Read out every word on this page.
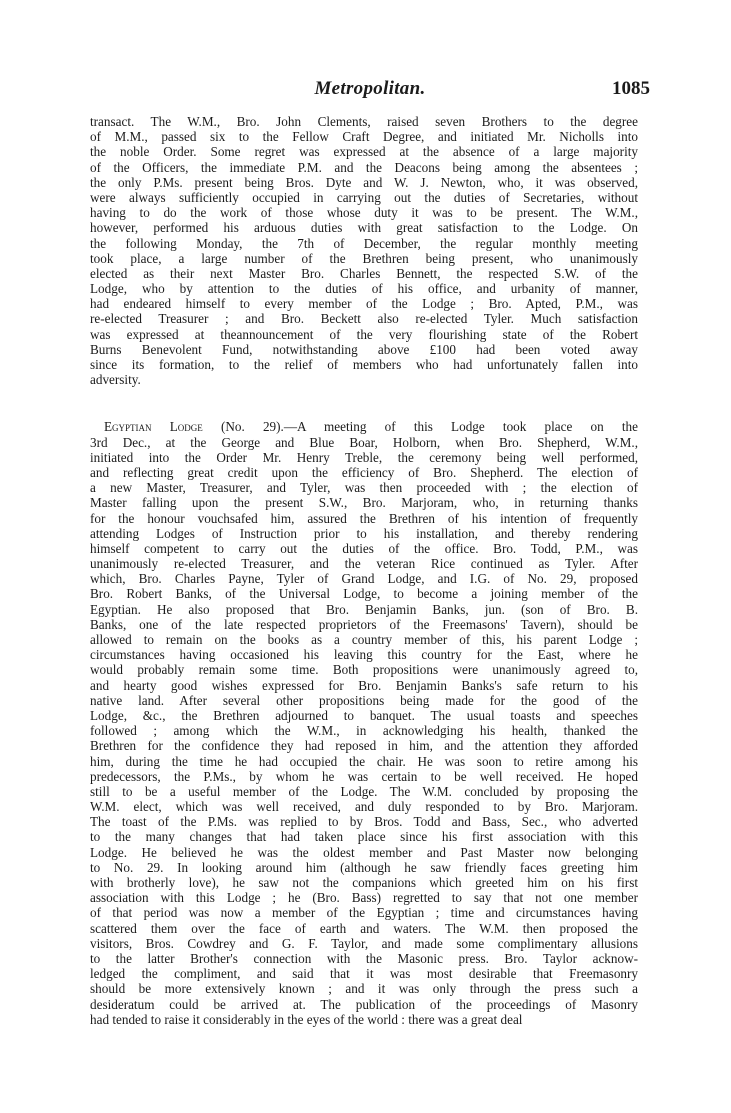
Metropolitan.	1085
transact. The W.M., Bro. John Clements, raised seven Brothers to the degree
of M.M., passed six to the Fellow Craft Degree, and initiated Mr. Nicholls into
the noble Order. Some regret was expressed at the absence of a large majority
of the Officers, the immediate P.M. and the Deacons being among the absentees ;
the only P.Ms. present being Bros. Dyte and W. J. Newton, who, it was observed,
were always sufficiently occupied in carrying out the duties of Secretaries, without
having to do the work of those whose duty it was to be present. The W.M.,
however, performed his arduous duties with great satisfaction to the Lodge. On
the following Monday, the 7th of December, the regular monthly meeting
took place, a large number of the Brethren being present, who unanimously
elected as their next Master Bro. Charles Bennett, the respected S.W. of the
Lodge, who by attention to the duties of his office, and urbanity of manner,
had endeared himself to every member of the Lodge ; Bro. Apted, P.M., was
re-elected Treasurer ; and Bro. Beckett also re-elected Tyler. Much satisfaction
was expressed at theannouncement of the very flourishing state of the Robert
Burns Benevolent Fund, notwithstanding above £100 had been voted away
since its formation, to the relief of members who had unfortunately fallen into
adversity.
Egyptian Lodge (No. 29).—A meeting of this Lodge took place on the
3rd Dec., at the George and Blue Boar, Holborn, when Bro. Shepherd, W.M.,
initiated into the Order Mr. Henry Treble, the ceremony being well performed,
and reflecting great credit upon the efficiency of Bro. Shepherd. The election of
a new Master, Treasurer, and Tyler, was then proceeded with ; the election of
Master falling upon the present S.W., Bro. Marjoram, who, in returning thanks
for the honour vouchsafed him, assured the Brethren of his intention of frequently
attending Lodges of Instruction prior to his installation, and thereby rendering
himself competent to carry out the duties of the office. Bro. Todd, P.M., was
unanimously re-elected Treasurer, and the veteran Rice continued as Tyler. After
which, Bro. Charles Payne, Tyler of Grand Lodge, and I.G. of No. 29, proposed
Bro. Robert Banks, of the Universal Lodge, to become a joining member of the
Egyptian. He also proposed that Bro. Benjamin Banks, jun. (son of Bro. B.
Banks, one of the late respected proprietors of the Freemasons' Tavern), should be
allowed to remain on the books as a country member of this, his parent Lodge ;
circumstances having occasioned his leaving this country for the East, where he
would probably remain some time. Both propositions were unanimously agreed to,
and hearty good wishes expressed for Bro. Benjamin Banks's safe return to his
native land. After several other propositions being made for the good of the
Lodge, &c., the Brethren adjourned to banquet. The usual toasts and speeches
followed ; among which the W.M., in acknowledging his health, thanked the
Brethren for the confidence they had reposed in him, and the attention they afforded
him, during the time he had occupied the chair. He was soon to retire among his
predecessors, the P.Ms., by whom he was certain to be well received. He hoped
still to be a useful member of the Lodge. The W.M. concluded by proposing the
W.M. elect, which was well received, and duly responded to by Bro. Marjoram.
The toast of the P.Ms. was replied to by Bros. Todd and Bass, Sec., who adverted
to the many changes that had taken place since his first association with this
Lodge. He believed he was the oldest member and Past Master now belonging
to No. 29. In looking around him (although he saw friendly faces greeting him
with brotherly love), he saw not the companions which greeted him on his first
association with this Lodge ; he (Bro. Bass) regretted to say that not one member
of that period was now a member of the Egyptian ; time and circumstances having
scattered them over the face of earth and waters. The W.M. then proposed the
visitors, Bros. Cowdrey and G. F. Taylor, and made some complimentary allusions
to the latter Brother's connection with the Masonic press. Bro. Taylor acknow-
ledged the compliment, and said that it was most desirable that Freemasonry
should be more extensively known ; and it was only through the press such a
desideratum could be arrived at. The publication of the proceedings of Masonry
had tended to raise it considerably in the eyes of the world : there was a great deal
